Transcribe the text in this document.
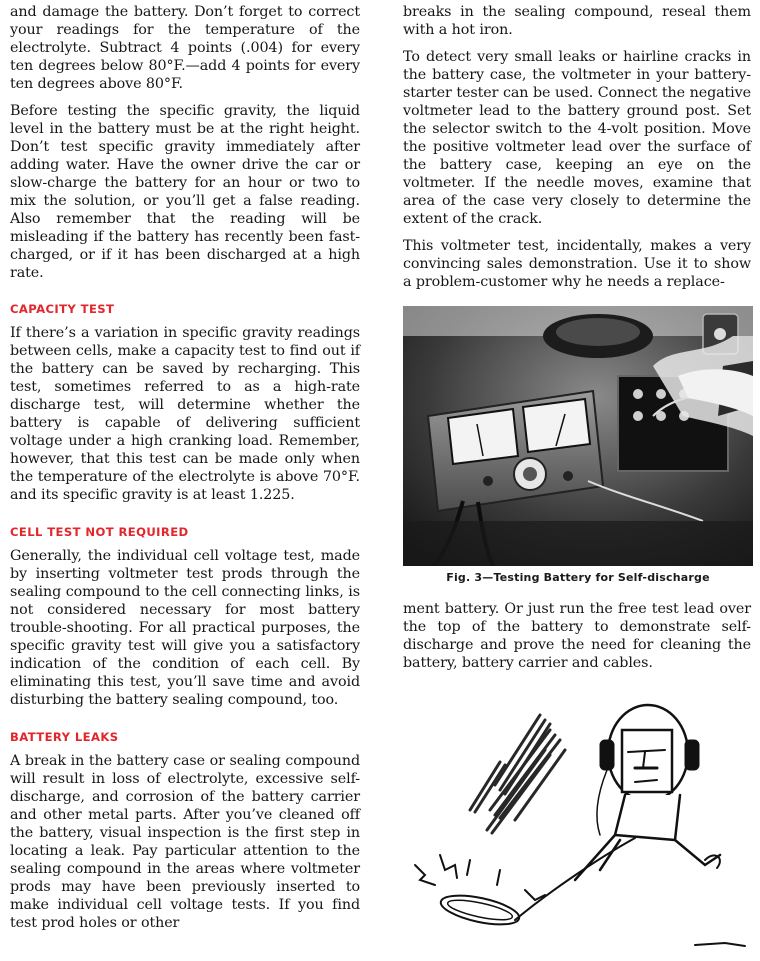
and damage the battery. Don’t forget to correct your readings for the temperature of the electrolyte. Subtract 4 points (.004) for every ten degrees below 80°F.—add 4 points for every ten degrees above 80°F.

Before testing the specific gravity, the liquid level in the battery must be at the right height. Don’t test specific gravity immediately after adding water. Have the owner drive the car or slow-charge the battery for an hour or two to mix the solution, or you’ll get a false reading. Also remember that the reading will be misleading if the battery has recently been fast-charged, or if it has been discharged at a high rate.

CAPACITY TEST

If there’s a variation in specific gravity readings between cells, make a capacity test to find out if the battery can be saved by recharging. This test, sometimes referred to as a high-rate discharge test, will determine whether the battery is capable of delivering sufficient voltage under a high cranking load. Remember, however, that this test can be made only when the temperature of the electrolyte is above 70°F. and its specific gravity is at least 1.225.

CELL TEST NOT REQUIRED

Generally, the individual cell voltage test, made by inserting voltmeter test prods through the sealing compound to the cell connecting links, is not considered necessary for most battery trouble-shooting. For all practical purposes, the specific gravity test will give you a satisfactory indication of the condition of each cell. By eliminating this test, you’ll save time and avoid disturbing the battery sealing compound, too.

BATTERY LEAKS

A break in the battery case or sealing compound will result in loss of electrolyte, excessive self-discharge, and corrosion of the battery carrier and other metal parts. After you’ve cleaned off the battery, visual inspection is the first step in locating a leak. Pay particular attention to the sealing compound in the areas where voltmeter prods may have been previously inserted to make individual cell voltage tests. If you find test prod holes or other

breaks in the sealing compound, reseal them with a hot iron.

To detect very small leaks or hairline cracks in the battery case, the voltmeter in your battery-starter tester can be used. Connect the negative voltmeter lead to the battery ground post. Set the selector switch to the 4-volt position. Move the positive voltmeter lead over the surface of the battery case, keeping an eye on the voltmeter. If the needle moves, examine that area of the case very closely to determine the extent of the crack.

This voltmeter test, incidentally, makes a very convincing sales demonstration. Use it to show a problem-customer why he needs a replace-

Fig. 3—Testing Battery for Self-discharge

ment battery. Or just run the free test lead over the top of the battery to demonstrate self-discharge and prove the need for cleaning the battery, battery carrier and cables.
